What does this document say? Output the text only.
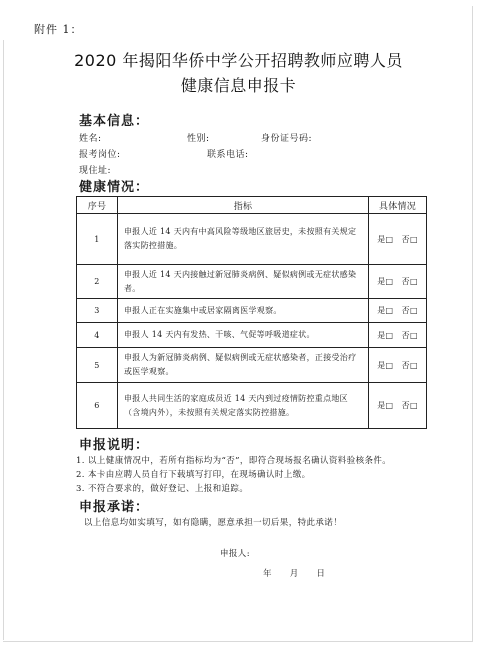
附件 1：
2020 年揭阳华侨中学公开招聘教师应聘人员
健康信息申报卡
基本信息：
姓名:	性别:	身份证号码:
报考岗位:	联系电话:
现住址:
健康情况：
序号	指标	具体情况
1	申报人近 14 天内有中高风险等级地区旅居史，未按照有关规定落实防控措施。	是□　否□
2	申报人近 14 天内接触过新冠肺炎病例、疑似病例或无症状感染者。	是□　否□
3	申报人正在实施集中或居家隔离医学观察。	是□　否□
4	申报人 14 天内有发热、干咳、气促等呼吸道症状。	是□　否□
5	申报人为新冠肺炎病例、疑似病例或无症状感染者，正接受治疗或医学观察。	是□　否□
6	申报人共同生活的家庭成员近 14 天内到过疫情防控重点地区（含境内外），未按照有关规定落实防控措施。	是□　否□
申报说明：
1. 以上健康情况中，若所有指标均为“否”，即符合现场报名确认资料验核条件。
2. 本卡由应聘人员自行下载填写打印，在现场确认时上缴。
3. 不符合要求的，做好登记、上报和追踪。
申报承诺：
以上信息均如实填写，如有隐瞒，愿意承担一切后果，特此承诺！
申报人:
年　　月　　日
